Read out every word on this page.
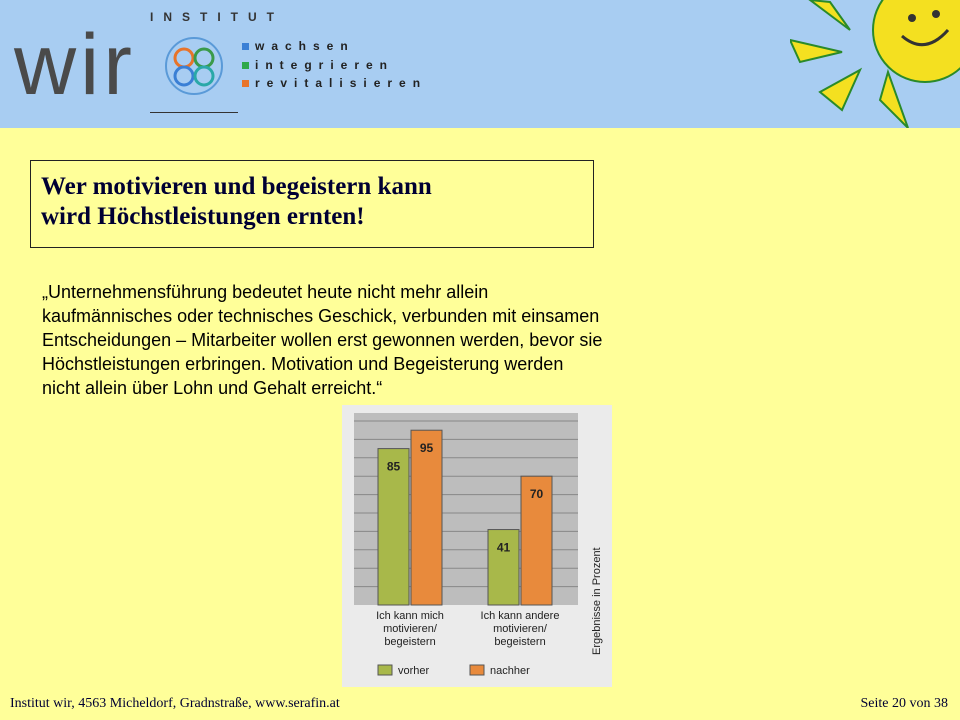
INSTITUT
wir	wachsen
integrieren
revitalisieren
Wer motivieren und begeistern kann
wird Höchstleistungen ernten!
„Unternehmensführung bedeutet heute nicht mehr allein
kaufmännisches oder technisches Geschick, verbunden mit einsamen
Entscheidungen – Mitarbeiter wollen erst gewonnen werden, bevor sie
Höchstleistungen erbringen. Motivation und Begeisterung werden
nicht allein über Lohn und Gehalt erreicht.“
85
41
95
70
Ich kann mich
motivieren/
begeistern
Ich kann andere
motivieren/
begeistern	Ergebnisse in Prozent
vorher	nachher
Institut wir, 4563 Micheldorf, Gradnstraße, www.serafin.at	Seite 20 von 38
